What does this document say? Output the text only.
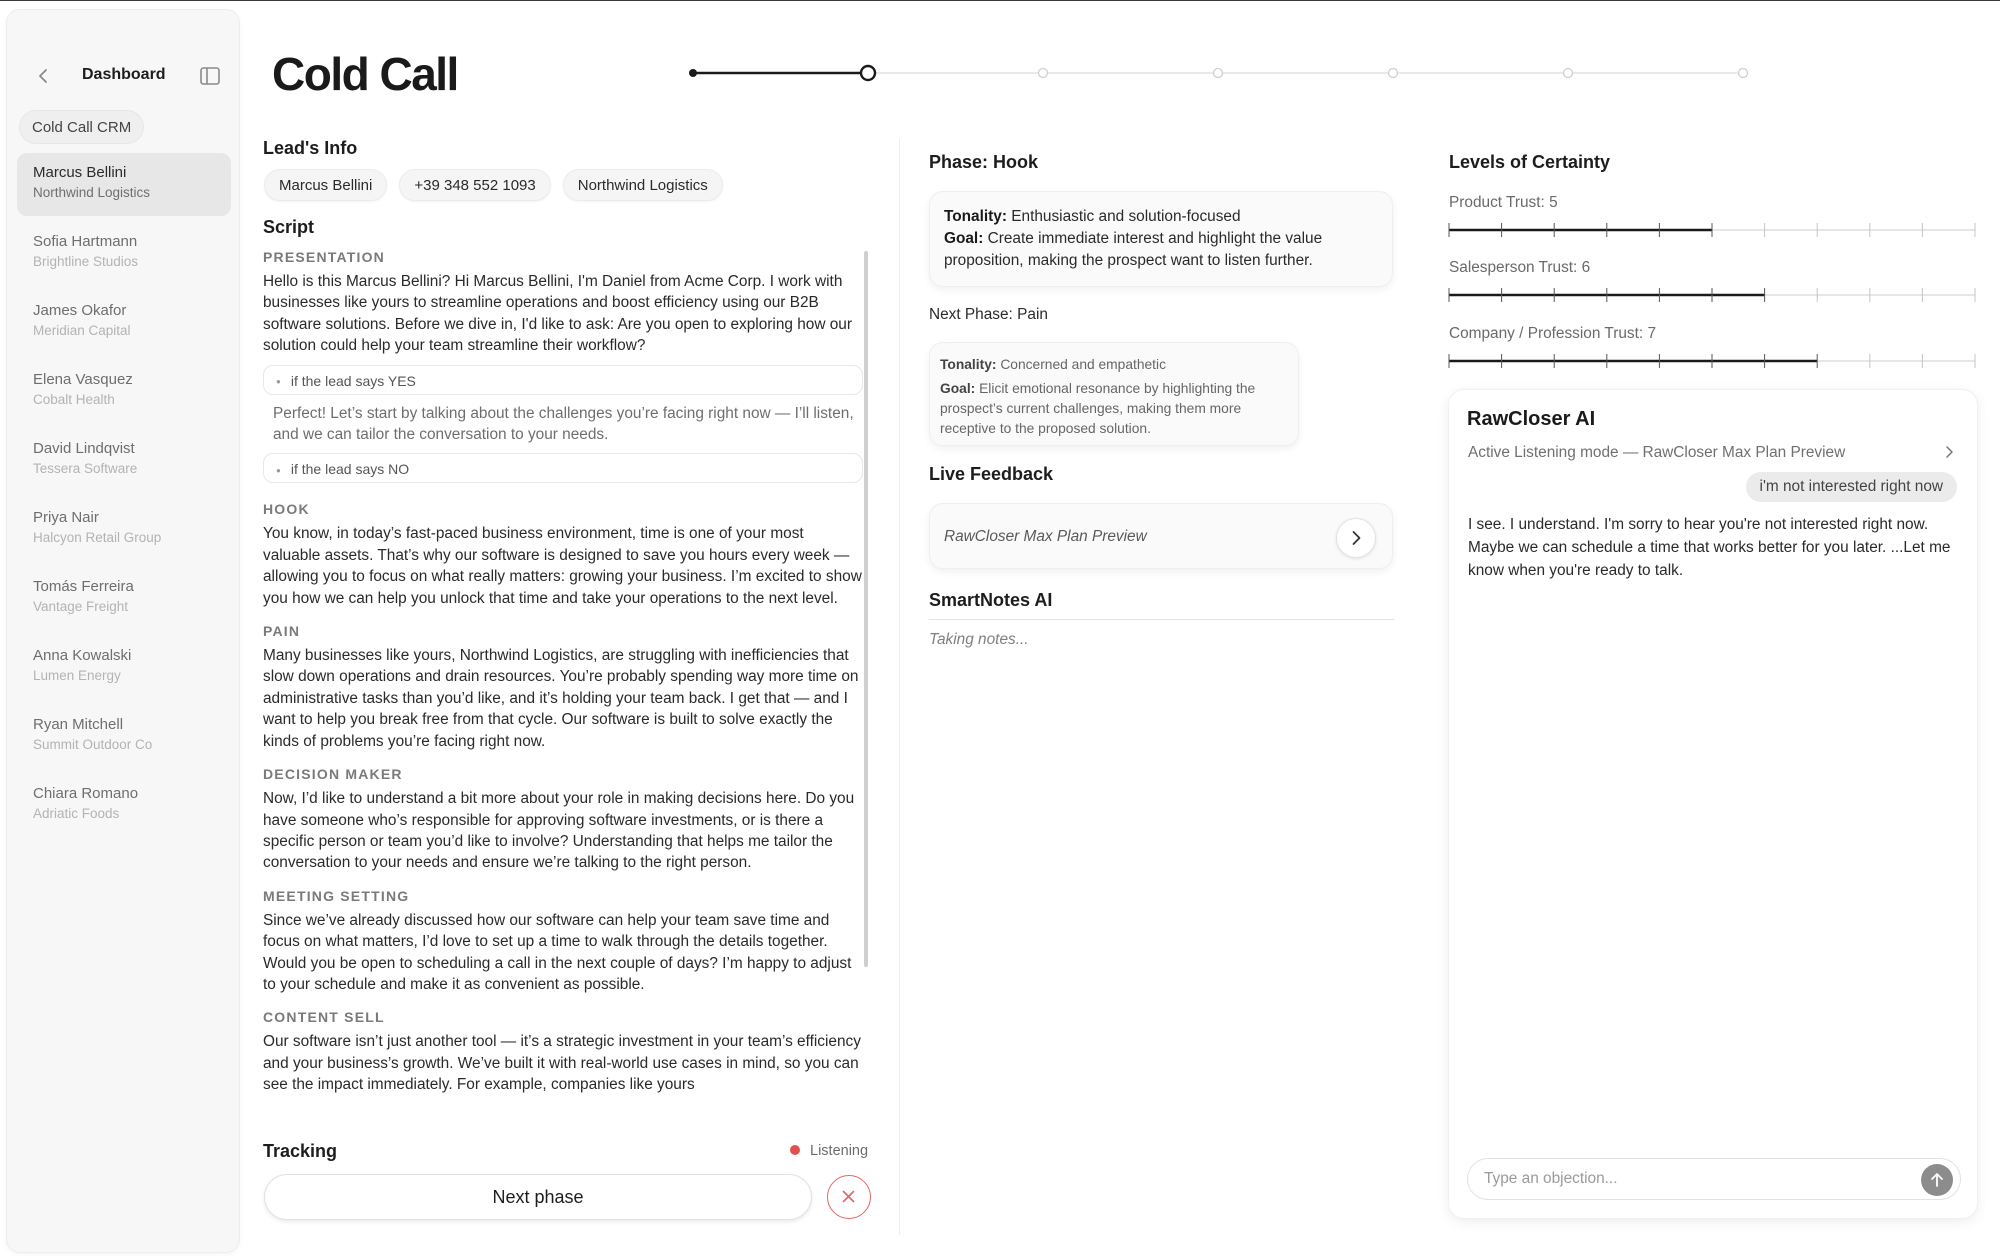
Dashboard
Cold Call CRM
Marcus Bellini
Northwind Logistics
Sofia Hartmann
Brightline Studios
James Okafor
Meridian Capital
Elena Vasquez
Cobalt Health
David Lindqvist
Tessera Software
Priya Nair
Halcyon Retail Group
Tomás Ferreira
Vantage Freight
Anna Kowalski
Lumen Energy
Ryan Mitchell
Summit Outdoor Co
Chiara Romano
Adriatic Foods
Cold Call
Lead's Info
Marcus Bellini	+39 348 552 1093	Northwind Logistics
Script
PRESENTATION
Hello is this Marcus Bellini? Hi Marcus Bellini, I'm Daniel from Acme Corp. I work with businesses like yours to streamline operations and boost efficiency using our B2B software solutions. Before we dive in, I'd like to ask: Are you open to exploring how our solution could help your team streamline their workflow?
● if the lead says YES
Perfect! Let’s start by talking about the challenges you’re facing right now — I’ll listen, and we can tailor the conversation to your needs.
● if the lead says NO
HOOK
You know, in today’s fast-paced business environment, time is one of your most valuable assets. That’s why our software is designed to save you hours every week — allowing you to focus on what really matters: growing your business. I’m excited to show you how we can help you unlock that time and take your operations to the next level.
PAIN
Many businesses like yours, Northwind Logistics, are struggling with inefficiencies that slow down operations and drain resources. You’re probably spending way more time on administrative tasks than you’d like, and it’s holding your team back. I get that — and I want to help you break free from that cycle. Our software is built to solve exactly the kinds of problems you’re facing right now.
DECISION MAKER
Now, I’d like to understand a bit more about your role in making decisions here. Do you have someone who’s responsible for approving software investments, or is there a specific person or team you’d like to involve? Understanding that helps me tailor the conversation to your needs and ensure we’re talking to the right person.
MEETING SETTING
Since we’ve already discussed how our software can help your team save time and focus on what matters, I’d love to set up a time to walk through the details together. Would you be open to scheduling a call in the next couple of days? I’m happy to adjust to your schedule and make it as convenient as possible.
CONTENT SELL
Our software isn’t just another tool — it’s a strategic investment in your team’s efficiency and your business’s growth. We’ve built it with real-world use cases in mind, so you can see the impact immediately. For example, companies like yours
Tracking	Listening
Next phase
Phase: Hook
Tonality: Enthusiastic and solution-focused
Goal: Create immediate interest and highlight the value proposition, making the prospect want to listen further.
Next Phase: Pain
Tonality: Concerned and empathetic
Goal: Elicit emotional resonance by highlighting the prospect’s current challenges, making them more receptive to the proposed solution.
Live Feedback
RawCloser Max Plan Preview
SmartNotes AI
Taking notes...
Levels of Certainty
Product Trust: 5
Salesperson Trust: 6
Company / Profession Trust: 7
RawCloser AI
Active Listening mode — RawCloser Max Plan Preview
i'm not interested right now
I see. I understand. I'm sorry to hear you're not interested right now. Maybe we can schedule a time that works better for you later. ...Let me know when you're ready to talk.
Type an objection...
